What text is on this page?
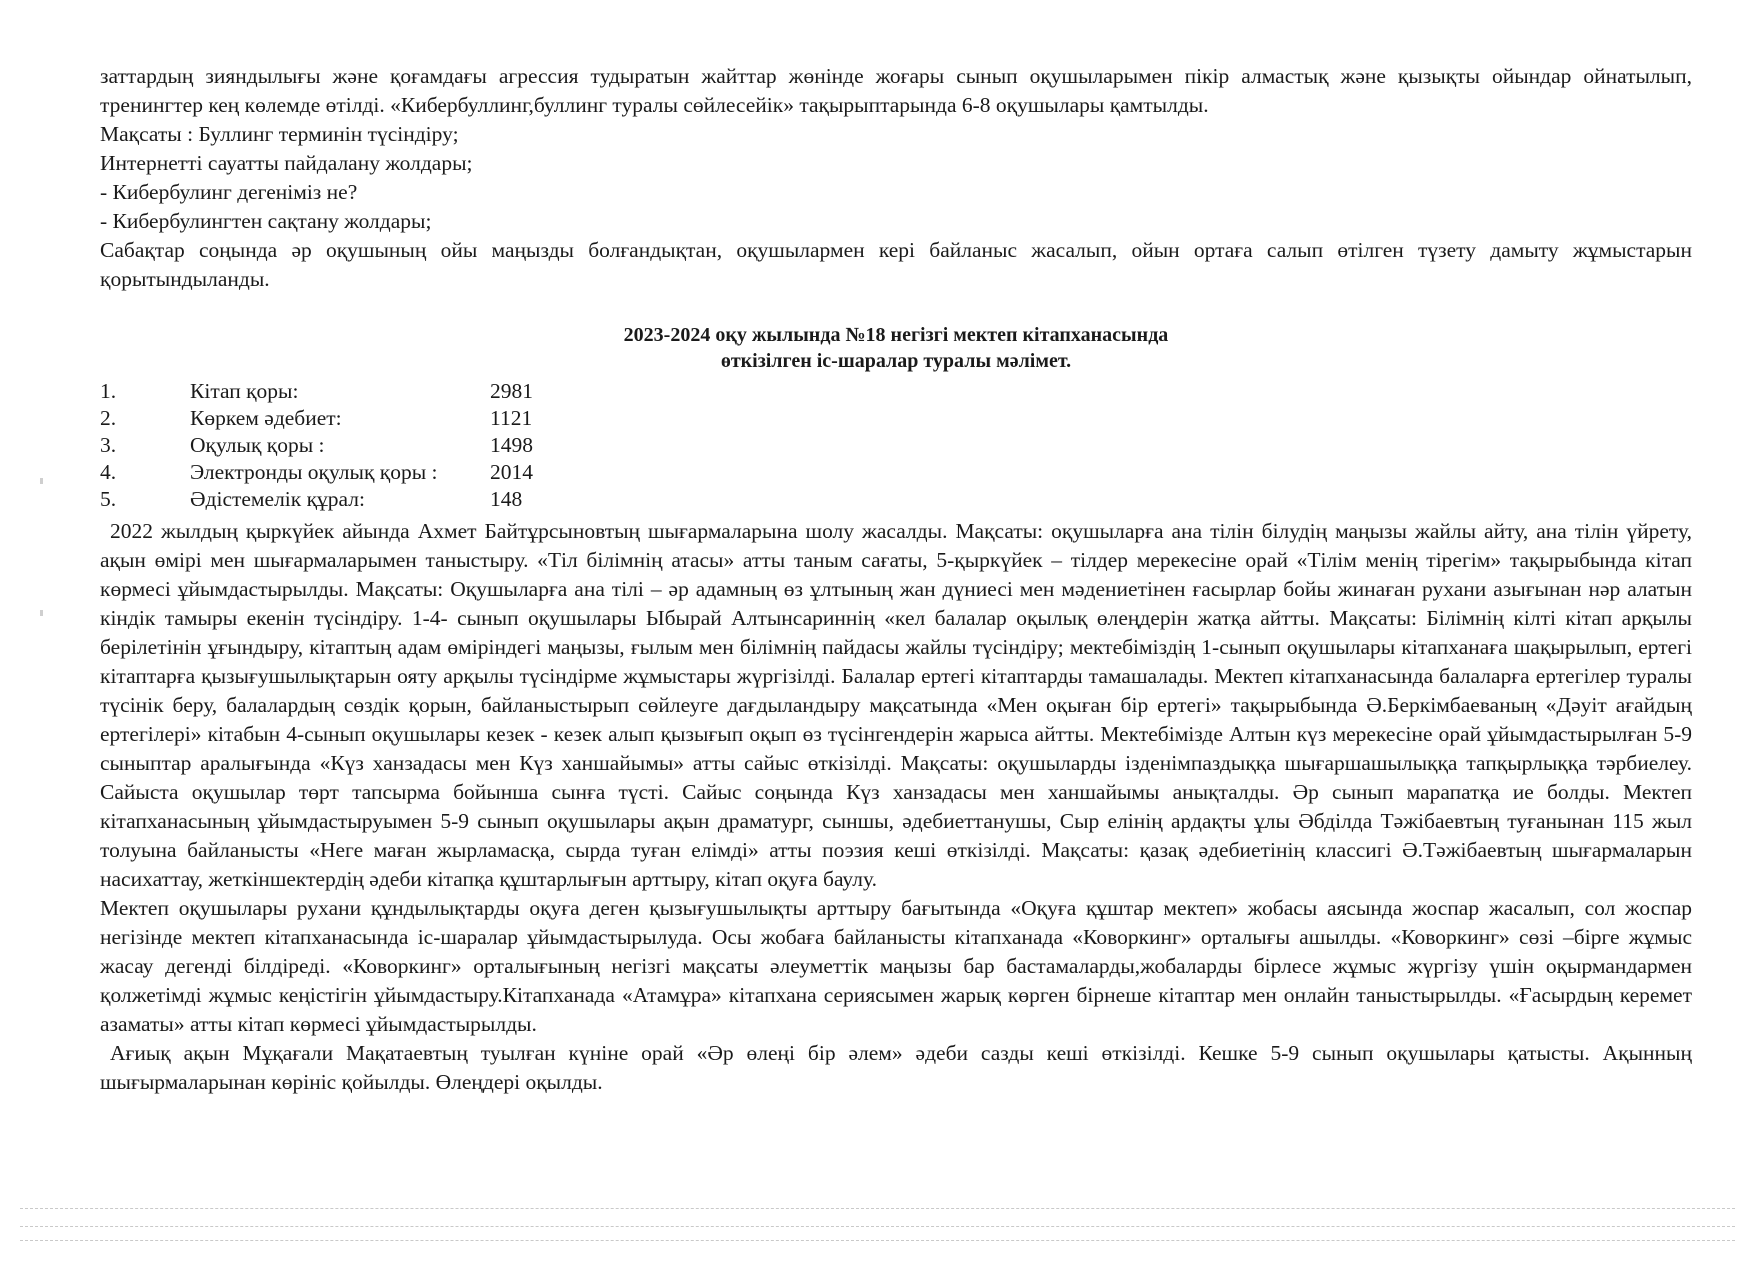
заттардың зияндылығы және қоғамдағы агрессия тудыратын жайттар жөнінде жоғары сынып оқушыларымен пікір алмастық және қызықты ойындар ойнатылып, тренингтер кең көлемде өтілді. «Кибербуллинг,буллинг туралы сөйлесейік» тақырыптарында 6-8 оқушылары қамтылды.

Мақсаты : Буллинг терминін түсіндіру;

Интернетті сауатты пайдалану жолдары;

- Кибербулинг дегеніміз не?

- Кибербулингтен сақтану жолдары;

Сабақтар соңында әр оқушының ойы маңызды болғандықтан, оқушылармен кері байланыс жасалып, ойын ортаға салып өтілген түзету дамыту жұмыстарын қорытындыланды.

2023-2024 оқу жылында №18 негізгі мектеп кітапханасында
өткізілген іс-шаралар туралы мәлімет.
1.	Кітап қоры:	2981
2.	Көркем әдебиет:	1121
3.	Оқулық қоры :	1498
4.	Электронды оқулық қоры :	2014
5.	Әдістемелік құрал:	148

2022 жылдың қыркүйек айында Ахмет Байтұрсыновтың шығармаларына шолу жасалды. Мақсаты: оқушыларға ана тілін білудің маңызы жайлы айту, ана тілін үйрету, ақын өмірі мен шығармаларымен таныстыру. «Тіл білімнің атасы» атты таным сағаты, 5-қыркүйек – тілдер мерекесіне орай «Тілім менің тірегім» тақырыбында кітап көрмесі ұйымдастырылды. Мақсаты: Оқушыларға ана тілі – әр адамның өз ұлтының жан дүниесі мен мәдениетінен ғасырлар бойы жинаған рухани азығынан нәр алатын кіндік тамыры екенін түсіндіру. 1-4- сынып оқушылары Ыбырай Алтынсариннің «кел балалар оқылық өлеңдерін жатқа айтты. Мақсаты: Білімнің кілті кітап арқылы берілетінін ұғындыру, кітаптың адам өміріндегі маңызы, ғылым мен білімнің пайдасы жайлы түсіндіру; мектебіміздің 1-сынып оқушылары кітапханаға шақырылып, ертегі кітаптарға қызығушылықтарын ояту арқылы түсіндірме жұмыстары жүргізілді. Балалар ертегі кітаптарды тамашалады. Мектеп кітапханасында балаларға ертегілер туралы түсінік беру, балалардың сөздік қорын, байланыстырып сөйлеуге дағдыландыру мақсатында «Мен оқыған бір ертегі» тақырыбында Ә.Беркімбаеваның «Дәуіт ағайдың ертегілері» кітабын 4-сынып оқушылары кезек - кезек алып қызығып оқып өз түсінгендерін жарыса айтты. Мектебімізде Алтын күз мерекесіне орай ұйымдастырылған 5-9 сыныптар аралығында «Күз ханзадасы мен Күз ханшайымы» атты сайыс өткізілді. Мақсаты: оқушыларды ізденімпаздыққа шығаршашылыққа тапқырлыққа тәрбиелеу. Сайыста оқушылар төрт тапсырма бойынша сынға түсті. Сайыс соңында Күз ханзадасы мен ханшайымы анықталды. Әр сынып марапатқа ие болды. Мектеп кітапханасының ұйымдастыруымен 5-9 сынып оқушылары ақын драматург, сыншы, әдебиеттанушы, Сыр елінің ардақты ұлы Әбділда Тәжібаевтың туғанынан 115 жыл толуына байланысты «Неге маған жырламасқа, сырда туған елімді» атты поэзия кеші өткізілді. Мақсаты: қазақ әдебиетінің классигі Ә.Тәжібаевтың шығармаларын насихаттау, жеткіншектердің әдеби кітапқа құштарлығын арттыру, кітап оқуға баулу.

Мектеп оқушылары рухани құндылықтарды оқуға деген қызығушылықты арттыру бағытында «Оқуға құштар мектеп» жобасы аясында жоспар жасалып, сол жоспар негізінде мектеп кітапханасында іс-шаралар ұйымдастырылуда. Осы жобаға байланысты кітапханада «Коворкинг» орталығы ашылды. «Коворкинг» сөзі –бірге жұмыс жасау дегенді білдіреді. «Коворкинг» орталығының негізгі мақсаты әлеуметтік маңызы бар бастамаларды,жобаларды бірлесе жұмыс жүргізу үшін оқырмандармен қолжетімді жұмыс кеңістігін ұйымдастыру.Кітапханада «Атамұра» кітапхана сериясымен жарық көрген бірнеше кітаптар мен онлайн таныстырылды. «Ғасырдың керемет азаматы» атты кітап көрмесі ұйымдастырылды.

Ағиық ақын Мұқағали Мақатаевтың туылған күніне орай «Әр өлеңі бір әлем» әдеби сазды кеші өткізілді. Кешке 5-9 сынып оқушылары қатысты. Ақынның шығырмаларынан көрініс қойылды. Өлеңдері оқылды.
